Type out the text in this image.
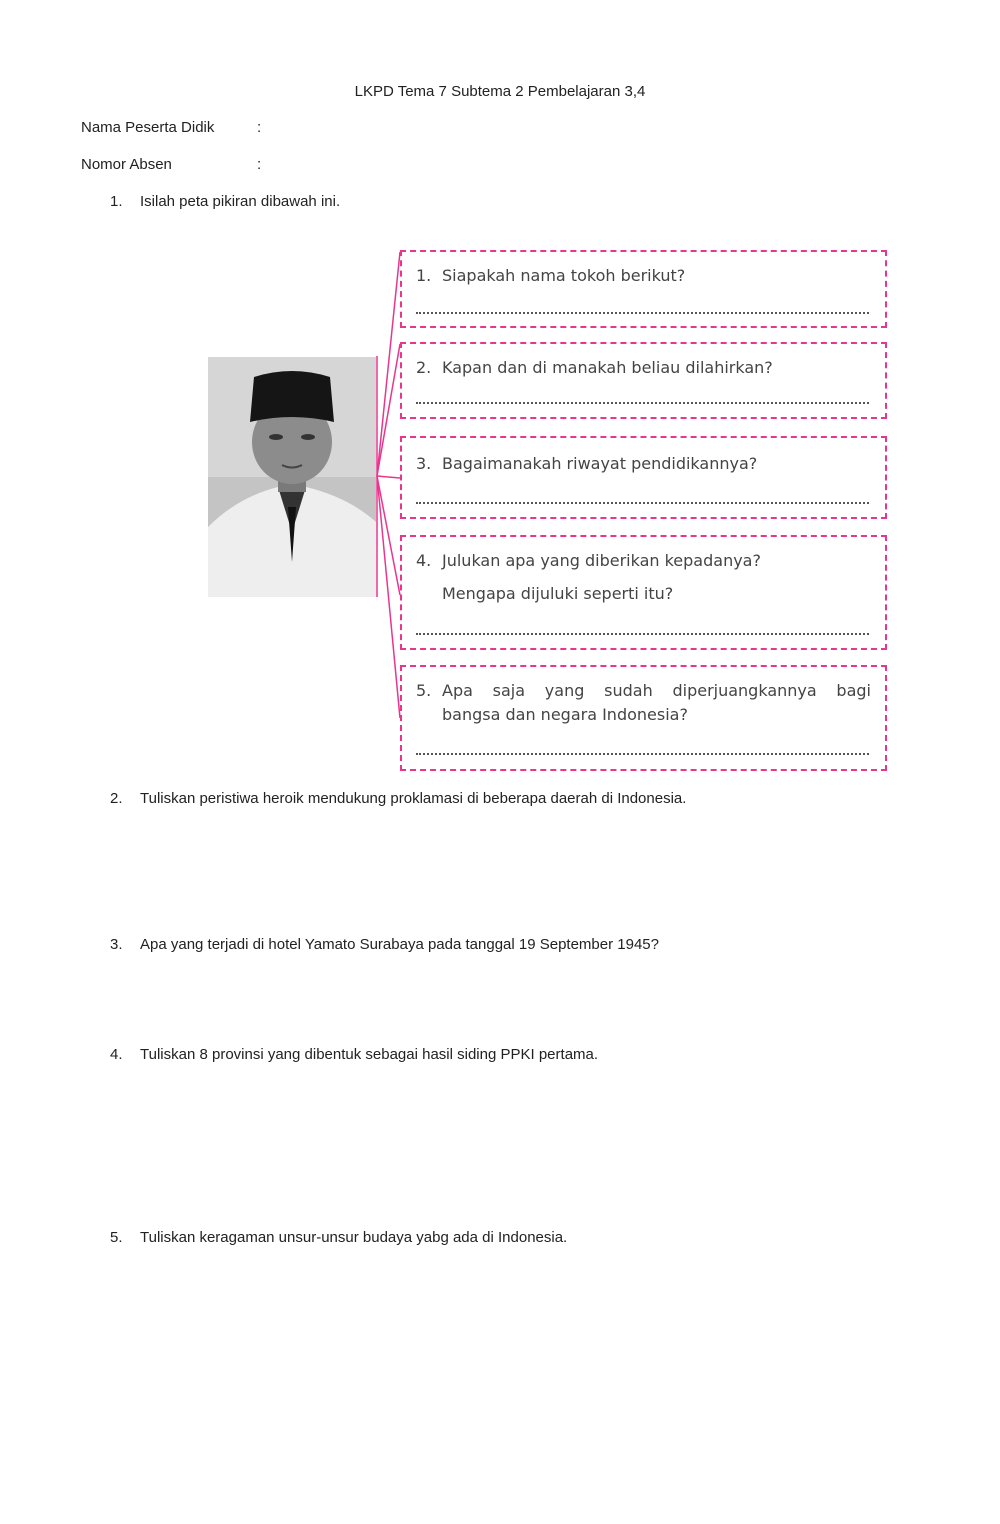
LKPD Tema 7 Subtema 2 Pembelajaran 3,4
Nama Peserta Didik	:
Nomor Absen	:
1. Isilah peta pikiran dibawah ini.
1. Siapakah nama tokoh berikut?
2. Kapan dan di manakah beliau dilahirkan?
3. Bagaimanakah riwayat pendidikannya?
4. Julukan apa yang diberikan kepadanya?
Mengapa dijuluki seperti itu?
5. Apa saja yang sudah diperjuangkannya bagi
bangsa dan negara Indonesia?
2. Tuliskan peristiwa heroik mendukung proklamasi di beberapa daerah di Indonesia.
3. Apa yang terjadi di hotel Yamato Surabaya pada tanggal 19 September 1945?
4. Tuliskan 8 provinsi yang dibentuk sebagai hasil siding PPKI pertama.
5. Tuliskan keragaman unsur-unsur budaya yabg ada di Indonesia.
